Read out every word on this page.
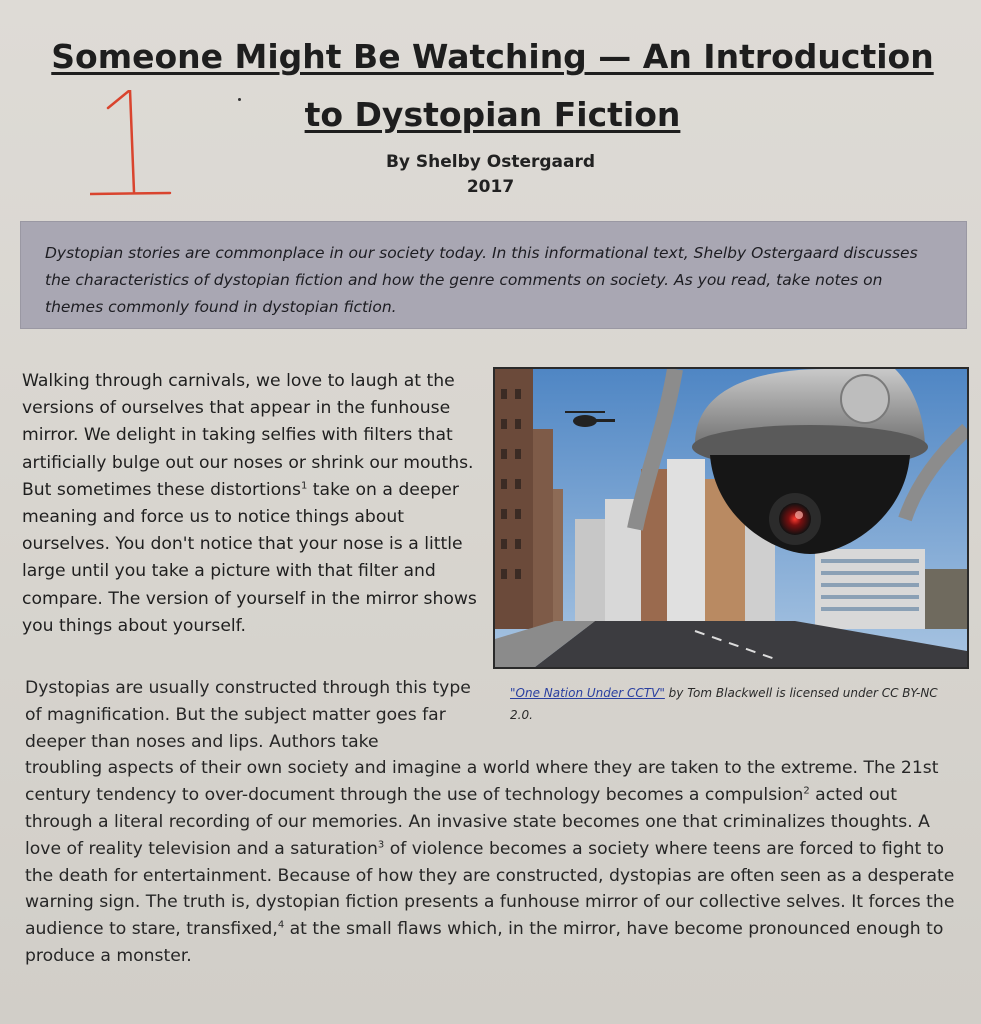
Someone Might Be Watching — An Introduction
to Dystopian Fiction
By Shelby Ostergaard
2017
Dystopian stories are commonplace in our society today. In this informational text, Shelby Ostergaard discusses the characteristics of dystopian fiction and how the genre comments on society. As you read, take notes on themes commonly found in dystopian fiction.

Walking through carnivals, we love to laugh at the versions of ourselves that appear in the funhouse mirror. We delight in taking selfies with filters that artificially bulge out our noses or shrink our mouths. But sometimes these distortions$^1$ take on a deeper meaning and force us to notice things about ourselves. You don't notice that your nose is a little large until you take a picture with that filter and compare. The version of yourself in the mirror shows you things about yourself.

"One Nation Under CCTV" by Tom Blackwell is licensed under CC BY-NC 2.0.
Dystopias are usually constructed through this type of magnification. But the subject matter goes far deeper than noses and lips. Authors take
troubling aspects of their own society and imagine a world where they are taken to the extreme. The 21st century tendency to over-document through the use of technology becomes a compulsion$^2$ acted out through a literal recording of our memories. An invasive state becomes one that criminalizes thoughts. A love of reality television and a saturation$^3$ of violence becomes a society where teens are forced to fight to the death for entertainment. Because of how they are constructed, dystopias are often seen as a desperate warning sign. The truth is, dystopian fiction presents a funhouse mirror of our collective selves. It forces the audience to stare, transfixed,$^4$ at the small flaws which, in the mirror, have become pronounced enough to produce a monster.
